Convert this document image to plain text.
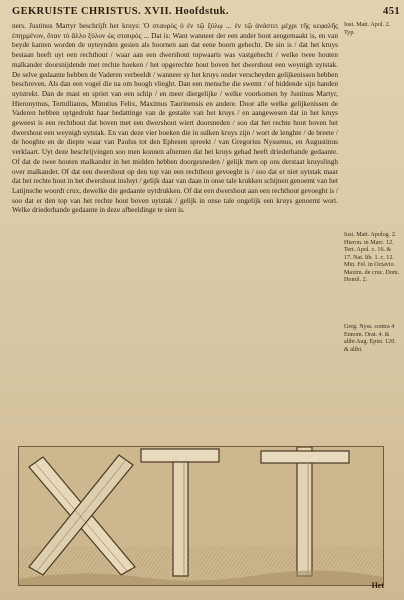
GEKRUISTE CHRISTUS. XVII. Hoofdstuk.	451

ners. Justinus Martyr beschrijft het kruys: Ὁ σταυρὸς ὁ ἐν τῷ ξύλῳ ... ἐν τῷ ἀνάστει μέχρι τῆς κεφαλῆς ἐπηρμένον, ὅταν τὸ ἄλλο ξύλον ὡς σταυρὸς ... Dat is: Want wanneer der een ander hout aengemaakt is, en van beyde kanten worden de uyteynden gesien als hoornen aan dat eene hoorn gehecht. De sin is / dat het kruys bestaan heeft uyt een rechthout / waar aan een dwershout topwaarts was vastgehecht / welke twee houten malkander doorsnijdende met rechte hoeken / het opgerechte hout boven het dwershout een weynigh uytstak. De selve gedaante hebben de Vaderen verbeeldt / wanneer sy het kruys onder verscheyden gelijkenissen hebben beschreven. Als dan een vogel die na om hoogh vlieght. Dan een mensche die swemt / of biddende sijn handen uytstrekt. Dan de mast en spriet van een schip / en meer diergelijke / welke voorkomen by Justinus Martyr, Hieronymus, Tertullianus, Minutius Felix, Maximus Taurinensis en andere. Door alle welke gelijkenissen de Vaderen hebben uytgedrukt haar bedattinge van de gestalte van het kruys / en aangewesen dat in het kruys geweest is een rechthout dat boven met een dwershout wiert doorsneden / soo dat het rechte hout boven het dwershout een weynigh uytstak. En van deze vier hoeken die in sulken kruys zijn / wort de lenghte / de breete / de hooghte en de diepte waar van Paulus tot den Ephesen spreekt / van Gregorius Nyssenus, en Augustinus verklaart. Uyt deze beschrijvingen soo men konnen afnemen dat het kruys gehad heeft driederhande gedaante. Of dat de twee houten malkander in het midden hebben doorgesneden / gelijk men op ons derstaat kruyslingh over malkander. Of dat een dwershout op den top van een rechthout gevoeght is / soo dat er niet uytstak maar dat het rechte hout in het dwershout insluyt / gelijk daar van daan in onse tale krukken schijnen genoemt van het Latijnsche woordt crux, dewelke die gedaante uytdrukken. Of dat een dwershout aan een rechthout gevoeght is / soo dat er den top van het rechte hout boven uytstak / gelijk in onse tale ongelijk een kruys genoemt wort. Welke driederhande gedaante in deze afbeeldinge te sien is.

Iust. Matt. Apol. 2. Typ.
Iust. Matt. Apolog. 2. Hieron. in Marc. 12. Tert. Apol. c. 16. & 17. Nat. lib. 1. c. 12. Min. Fel. in Octavio. Maxim. de cruc. Dom. Homil. 2.
Greg. Nyss. contra 4 Ennom. Orat. 4. & alibi Aug. Epist. 120. & alibi.
Het
